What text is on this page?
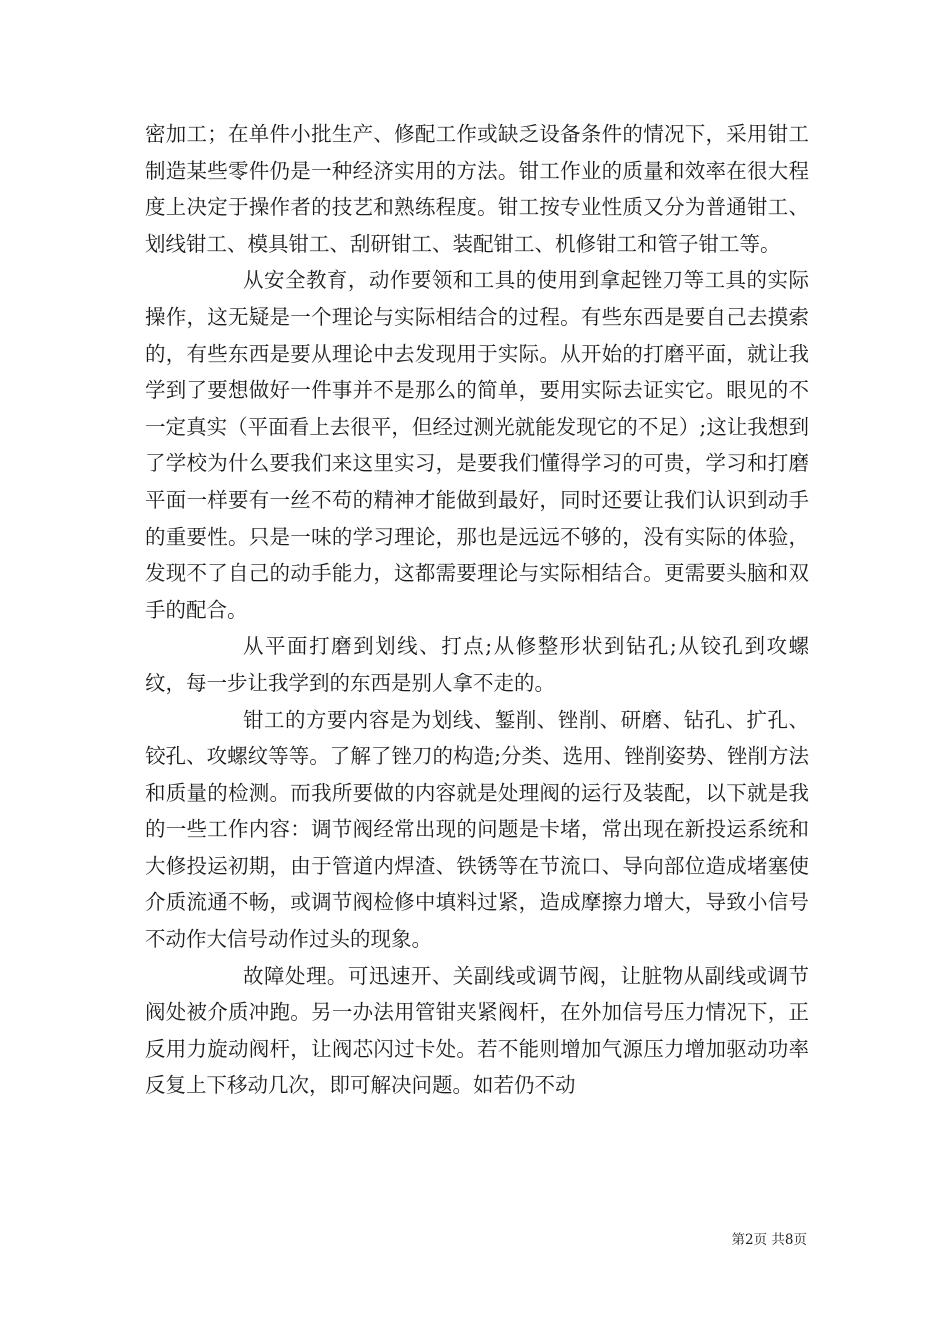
密加工；在单件小批生产、修配工作或缺乏设备条件的情况下，采用钳工制造某些零件仍是一种经济实用的方法。钳工作业的质量和效率在很大程度上决定于操作者的技艺和熟练程度。钳工按专业性质又分为普通钳工、划线钳工、模具钳工、刮研钳工、装配钳工、机修钳工和管子钳工等。

从安全教育，动作要领和工具的使用到拿起锉刀等工具的实际操作，这无疑是一个理论与实际相结合的过程。有些东西是要自己去摸索的，有些东西是要从理论中去发现用于实际。从开始的打磨平面，就让我学到了要想做好一件事并不是那么的简单，要用实际去证实它。眼见的不一定真实（平面看上去很平，但经过测光就能发现它的不足）;这让我想到了学校为什么要我们来这里实习，是要我们懂得学习的可贵，学习和打磨平面一样要有一丝不苟的精神才能做到最好，同时还要让我们认识到动手的重要性。只是一味的学习理论，那也是远远不够的，没有实际的体验，发现不了自己的动手能力，这都需要理论与实际相结合。更需要头脑和双手的配合。

从平面打磨到划线、打点;从修整形状到钻孔;从铰孔到攻螺纹，每一步让我学到的东西是别人拿不走的。

钳工的方要内容是为划线、錾削、锉削、研磨、钻孔、扩孔、铰孔、攻螺纹等等。了解了锉刀的构造;分类、选用、锉削姿势、锉削方法和质量的检测。而我所要做的内容就是处理阀的运行及装配，以下就是我的一些工作内容：调节阀经常出现的问题是卡堵，常出现在新投运系统和大修投运初期，由于管道内焊渣、铁锈等在节流口、导向部位造成堵塞使介质流通不畅，或调节阀检修中填料过紧，造成摩擦力增大，导致小信号不动作大信号动作过头的现象。

故障处理。可迅速开、关副线或调节阀，让脏物从副线或调节阀处被介质冲跑。另一办法用管钳夹紧阀杆，在外加信号压力情况下，正反用力旋动阀杆，让阀芯闪过卡处。若不能则增加气源压力增加驱动功率反复上下移动几次，即可解决问题。如若仍不动

第2页 共8页
